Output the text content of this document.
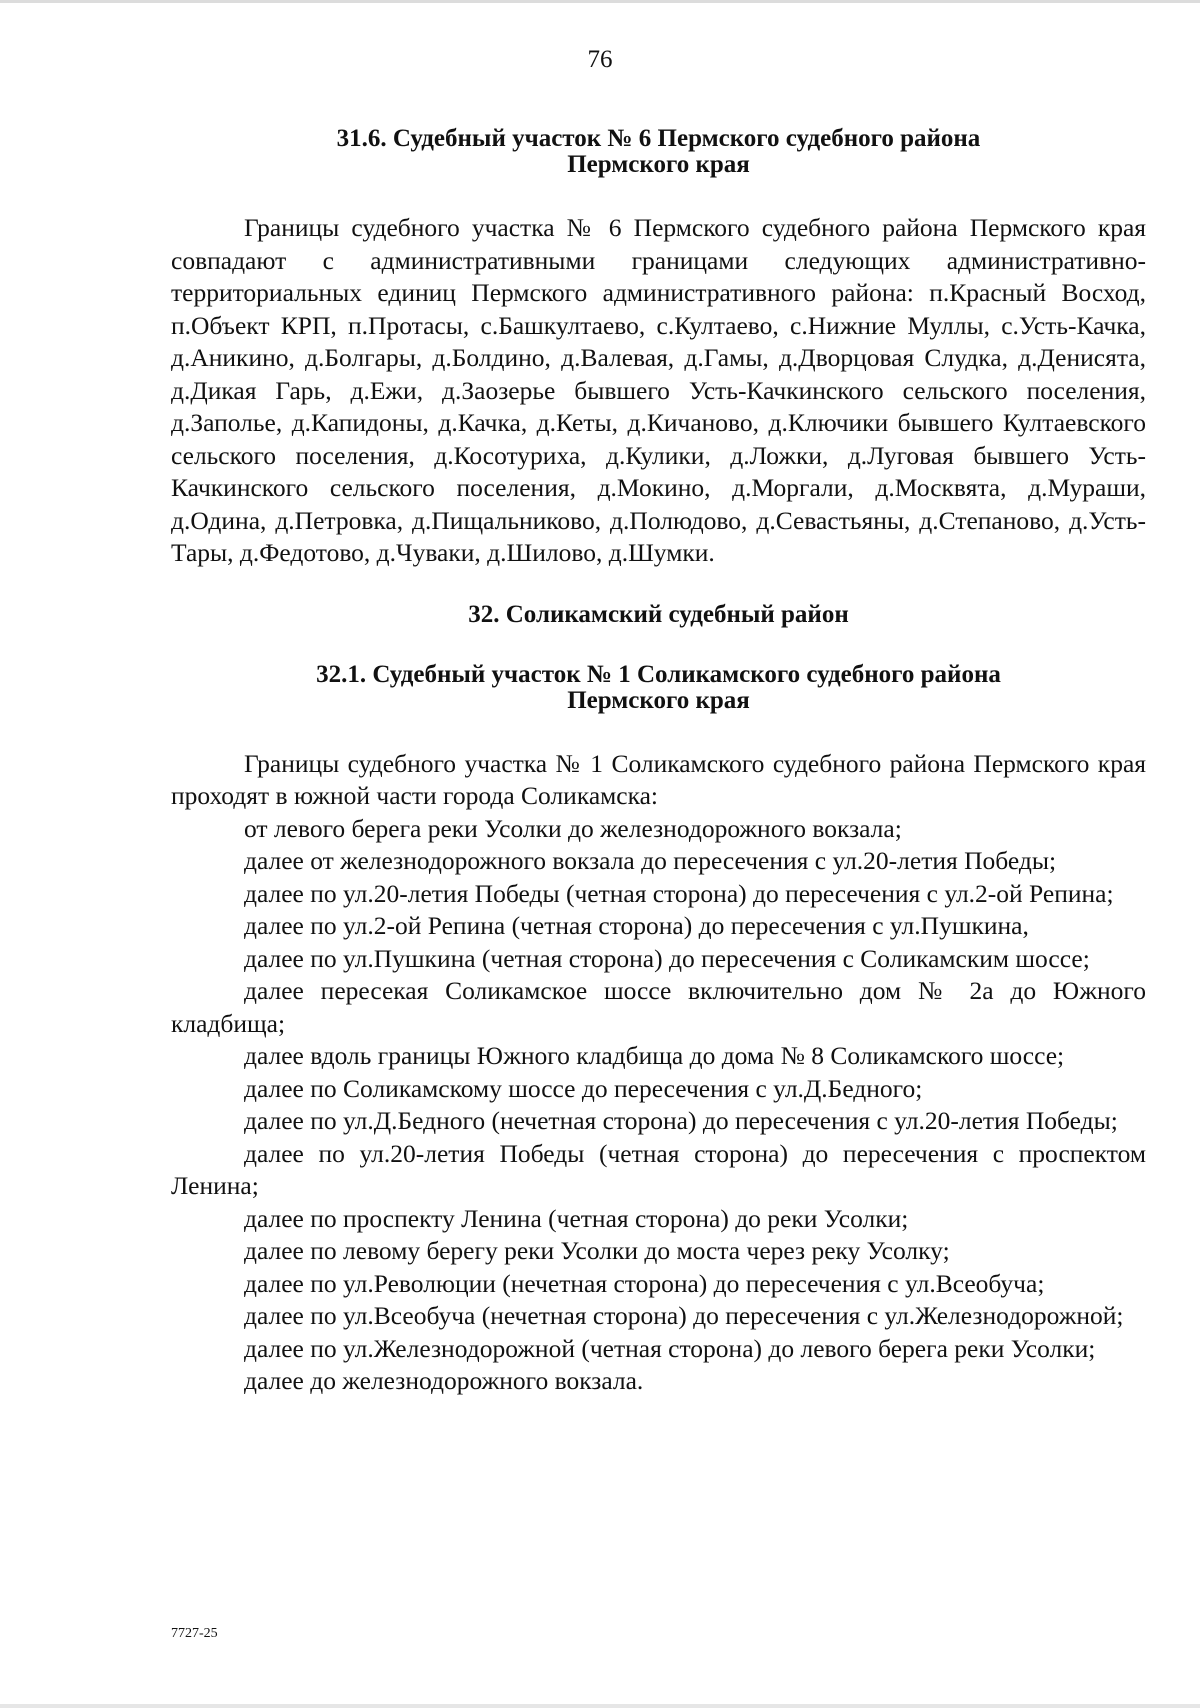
76
31.6. Судебный участок № 6 Пермского судебного района
Пермского края

Границы судебного участка № 6 Пермского судебного района Пермского края совпадают с административными границами следующих административно-территориальных единиц Пермского административного района: п.Красный Восход, п.Объект КРП, п.Протасы, с.Башкултаево, с.Култаево, с.Нижние Муллы, с.Усть-Качка, д.Аникино, д.Болгары, д.Болдино, д.Валевая, д.Гамы, д.Дворцовая Слудка, д.Денисята, д.Дикая Гарь, д.Ежи, д.Заозерье бывшего Усть-Качкинского сельского поселения, д.Заполье, д.Капидоны, д.Качка, д.Кеты, д.Кичаново, д.Ключики бывшего Култаевского сельского поселения, д.Косотуриха, д.Кулики, д.Ложки, д.Луговая бывшего Усть-Качкинского сельского поселения, д.Мокино, д.Моргали, д.Москвята, д.Мураши, д.Одина, д.Петровка, д.Пищальниково, д.Полюдово, д.Севастьяны, д.Степаново, д.Усть-Тары, д.Федотово, д.Чуваки, д.Шилово, д.Шумки.

32. Соликамский судебный район
32.1. Судебный участок № 1 Соликамского судебного района
Пермского края

Границы судебного участка № 1 Соликамского судебного района Пермского края проходят в южной части города Соликамска:

от левого берега реки Усолки до железнодорожного вокзала;

далее от железнодорожного вокзала до пересечения с ул.20-летия Победы;

далее по ул.20-летия Победы (четная сторона) до пересечения с ул.2-ой Репина;

далее по ул.2-ой Репина (четная сторона) до пересечения с ул.Пушкина,

далее по ул.Пушкина (четная сторона) до пересечения с Соликамским шоссе;

далее пересекая Соликамское шоссе включительно дом № 2а до Южного кладбища;

далее вдоль границы Южного кладбища до дома № 8 Соликамского шоссе;

далее по Соликамскому шоссе до пересечения с ул.Д.Бедного;

далее по ул.Д.Бедного (нечетная сторона) до пересечения с ул.20-летия Победы;

далее по ул.20-летия Победы (четная сторона) до пересечения с проспектом Ленина;

далее по проспекту Ленина (четная сторона) до реки Усолки;

далее по левому берегу реки Усолки до моста через реку Усолку;

далее по ул.Революции (нечетная сторона) до пересечения с ул.Всеобуча;

далее по ул.Всеобуча (нечетная сторона) до пересечения с ул.Железнодорожной;

далее по ул.Железнодорожной (четная сторона) до левого берега реки Усолки;

далее до железнодорожного вокзала.

7727-25
